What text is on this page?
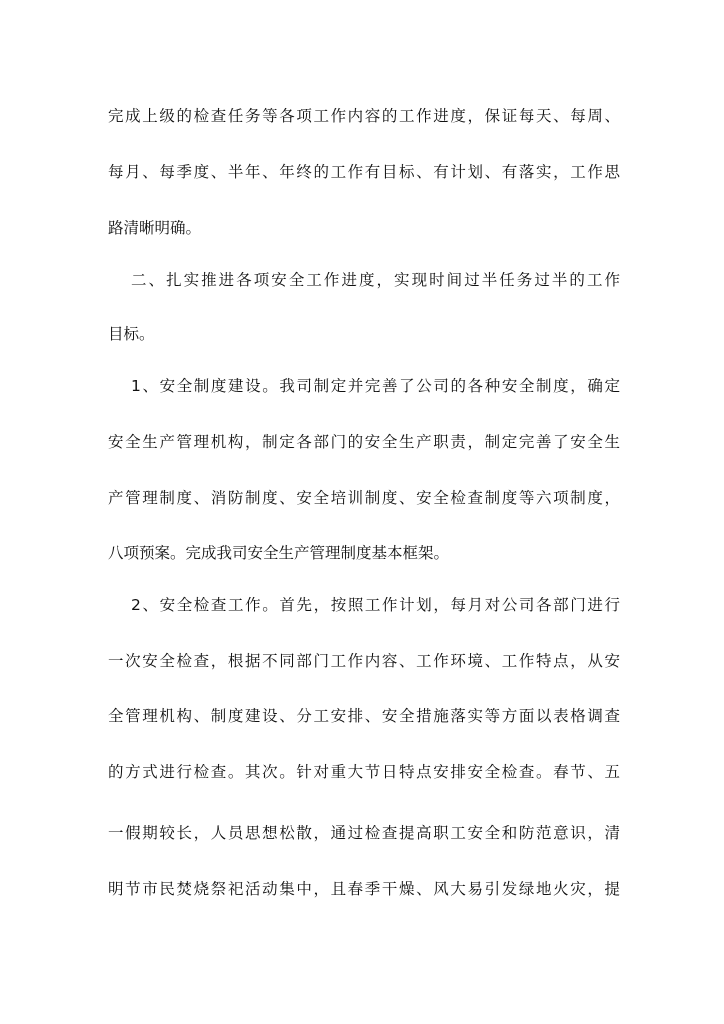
完成上级的检查任务等各项工作内容的工作进度，保证每天、每周、
每月、每季度、半年、年终的工作有目标、有计划、有落实，工作思
路清晰明确。
二、扎实推进各项安全工作进度，实现时间过半任务过半的工作
目标。
1、安全制度建设。我司制定并完善了公司的各种安全制度，确定
安全生产管理机构，制定各部门的安全生产职责，制定完善了安全生
产管理制度、消防制度、安全培训制度、安全检查制度等六项制度，
八项预案。完成我司安全生产管理制度基本框架。
2、安全检查工作。首先，按照工作计划，每月对公司各部门进行
一次安全检查，根据不同部门工作内容、工作环境、工作特点，从安
全管理机构、制度建设、分工安排、安全措施落实等方面以表格调查
的方式进行检查。其次。针对重大节日特点安排安全检查。春节、五
一假期较长，人员思想松散，通过检查提高职工安全和防范意识，清
明节市民焚烧祭祀活动集中，且春季干燥、风大易引发绿地火灾，提
